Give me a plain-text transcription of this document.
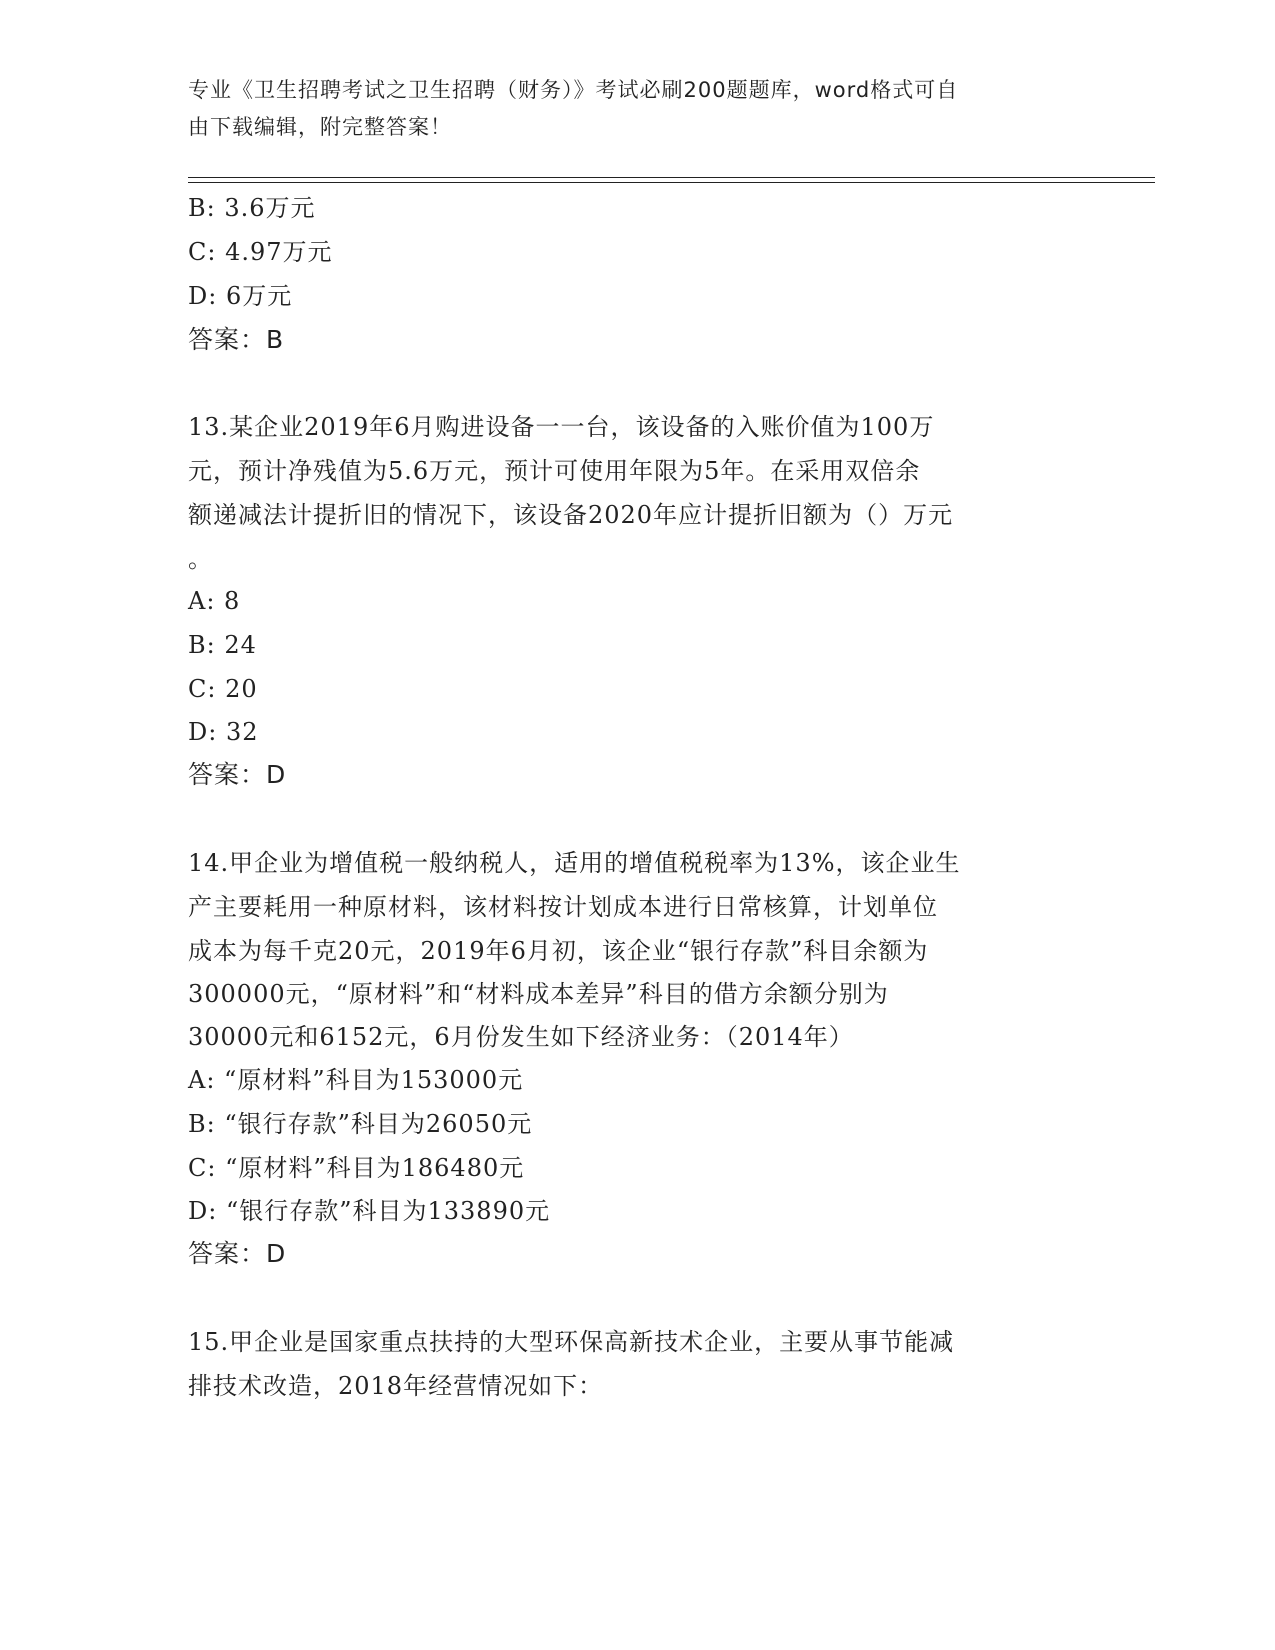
专业《卫生招聘考试之卫生招聘（财务）》考试必刷200题题库，word格式可自
由下载编辑，附完整答案！
B: 3.6万元
C: 4.97万元
D: 6万元
答案：B
13.某企业2019年6月购进设备一一台，该设备的入账价值为100万
元，预计净残值为5.6万元，预计可使用年限为5年。在采用双倍余
额递减法计提折旧的情况下，该设备2020年应计提折旧额为（）万元
。
A: 8
B: 24
C: 20
D: 32
答案：D
14.甲企业为增值税一般纳税人，适用的增值税税率为13%，该企业生
产主要耗用一种原材料，该材料按计划成本进行日常核算，计划单位
成本为每千克20元，2019年6月初，该企业“银行存款”科目余额为
300000元，“原材料”和“材料成本差异”科目的借方余额分别为
30000元和6152元，6月份发生如下经济业务：（2014年）
A: “原材料”科目为153000元
B: “银行存款”科目为26050元
C: “原材料”科目为186480元
D: “银行存款”科目为133890元
答案：D
15.甲企业是国家重点扶持的大型环保高新技术企业，主要从事节能减
排技术改造，2018年经营情况如下：
